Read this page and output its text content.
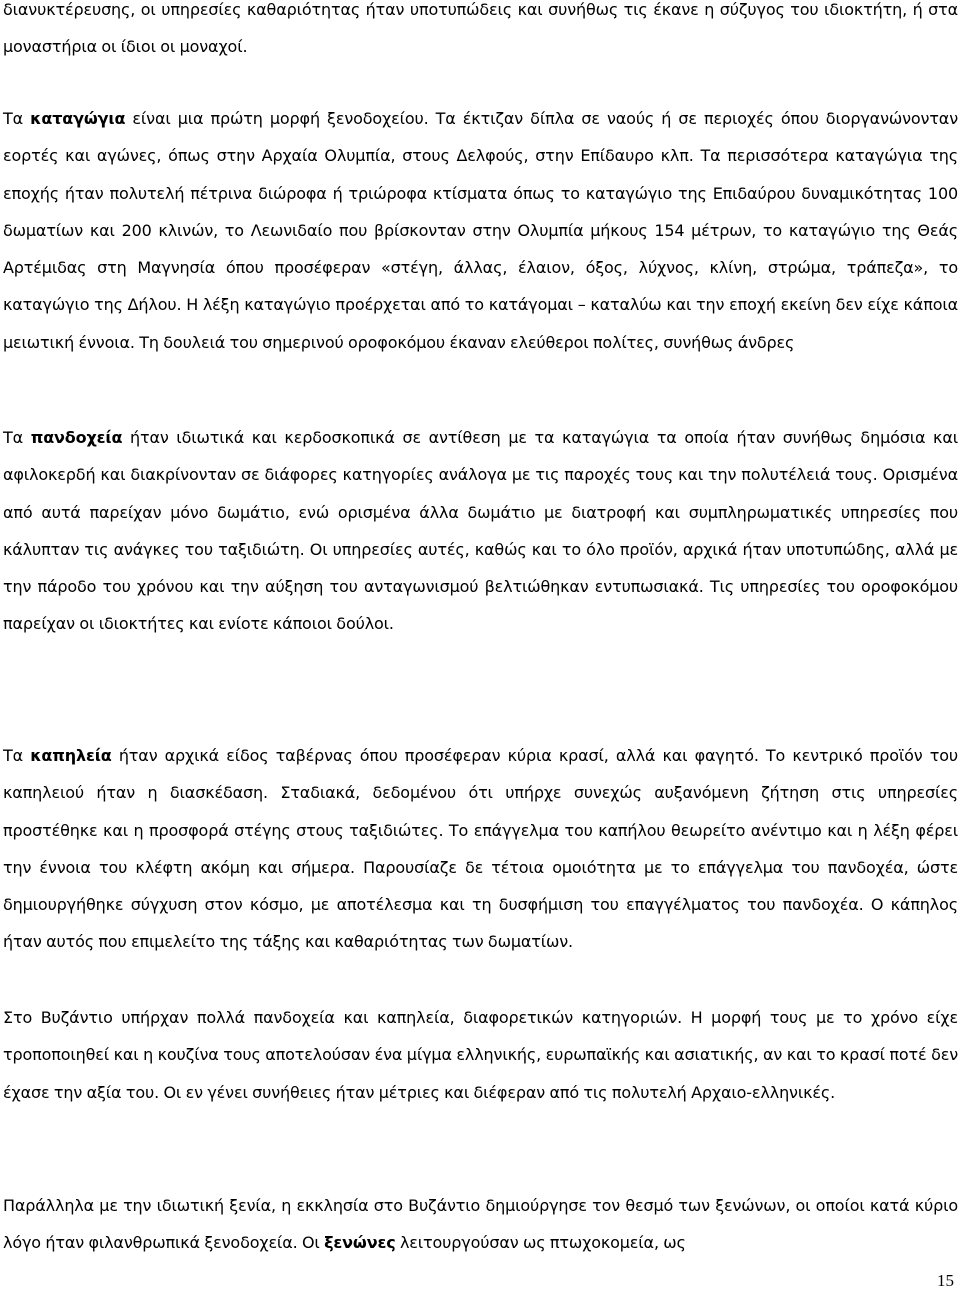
διανυκτέρευσης, οι υπηρεσίες καθαριότητας ήταν υποτυπώδεις και συνήθως τις έκανε η σύζυγος του ιδιοκτήτη, ή στα μοναστήρια οι ίδιοι οι μοναχοί.

Τα καταγώγια είναι μια πρώτη μορφή ξενοδοχείου. Τα έκτιζαν δίπλα σε ναούς ή σε περιοχές όπου διοργανώνονταν εορτές και αγώνες, όπως στην Αρχαία Ολυμπία, στους Δελφούς, στην Επίδαυρο κλπ. Τα περισσότερα καταγώγια της εποχής ήταν πολυτελή πέτρινα διώροφα ή τριώροφα κτίσματα όπως το καταγώγιο της Επιδαύρου δυναμικότητας 100 δωματίων και 200 κλινών, το Λεωνιδαίο που βρίσκονταν στην Ολυμπία μήκους 154 μέτρων, το καταγώγιο της Θεάς Αρτέμιδας στη Μαγνησία όπου προσέφεραν «στέγη, άλλας, έλαιον, όξος, λύχνος, κλίνη, στρώμα, τράπεζα», το καταγώγιο της Δήλου. Η λέξη καταγώγιο προέρχεται από το κατάγομαι – καταλύω και την εποχή εκείνη δεν είχε κάποια μειωτική έννοια. Τη δουλειά του σημερινού οροφοκόμου έκαναν ελεύθεροι πολίτες, συνήθως άνδρες

Τα πανδοχεία ήταν ιδιωτικά και κερδοσκοπικά σε αντίθεση με τα καταγώγια τα οποία ήταν συνήθως δημόσια και αφιλοκερδή και διακρίνονταν σε διάφορες κατηγορίες ανάλογα με τις παροχές τους και την πολυτέλειά τους. Ορισμένα από αυτά παρείχαν μόνο δωμάτιο, ενώ ορισμένα άλλα δωμάτιο με διατροφή και συμπληρωματικές υπηρεσίες που κάλυπταν τις ανάγκες του ταξιδιώτη. Οι υπηρεσίες αυτές, καθώς και το όλο προϊόν, αρχικά ήταν υποτυπώδης, αλλά με την πάροδο του χρόνου και την αύξηση του ανταγωνισμού βελτιώθηκαν εντυπωσιακά. Τις υπηρεσίες του οροφοκόμου παρείχαν οι ιδιοκτήτες και ενίοτε κάποιοι δούλοι.

Τα καπηλεία ήταν αρχικά είδος ταβέρνας όπου προσέφεραν κύρια κρασί, αλλά και φαγητό. Το κεντρικό προϊόν του καπηλειού ήταν η διασκέδαση. Σταδιακά, δεδομένου ότι υπήρχε συνεχώς αυξανόμενη ζήτηση στις υπηρεσίες προστέθηκε και η προσφορά στέγης στους ταξιδιώτες. Το επάγγελμα του καπήλου θεωρείτο ανέντιμο και η λέξη φέρει την έννοια του κλέφτη ακόμη και σήμερα. Παρουσίαζε δε τέτοια ομοιότητα με το επάγγελμα του πανδοχέα, ώστε δημιουργήθηκε σύγχυση στον κόσμο, με αποτέλεσμα και τη δυσφήμιση του επαγγέλματος του πανδοχέα. Ο κάπηλος ήταν αυτός που επιμελείτο της τάξης και καθαριότητας των δωματίων.

Στο Βυζάντιο υπήρχαν πολλά πανδοχεία και καπηλεία, διαφορετικών κατηγοριών. Η μορφή τους με το χρόνο είχε τροποποιηθεί και η κουζίνα τους αποτελούσαν ένα μίγμα ελληνικής, ευρωπαϊκής και ασιατικής, αν και το κρασί ποτέ δεν έχασε την αξία του. Οι εν γένει συνήθειες ήταν μέτριες και διέφεραν από τις πολυτελή Αρχαιο-ελληνικές.

Παράλληλα με την ιδιωτική ξενία, η εκκλησία στο Βυζάντιο δημιούργησε τον θεσμό των ξενώνων, οι οποίοι κατά κύριο λόγο ήταν φιλανθρωπικά ξενοδοχεία. Οι ξενώνες λειτουργούσαν ως πτωχοκομεία, ως

15
